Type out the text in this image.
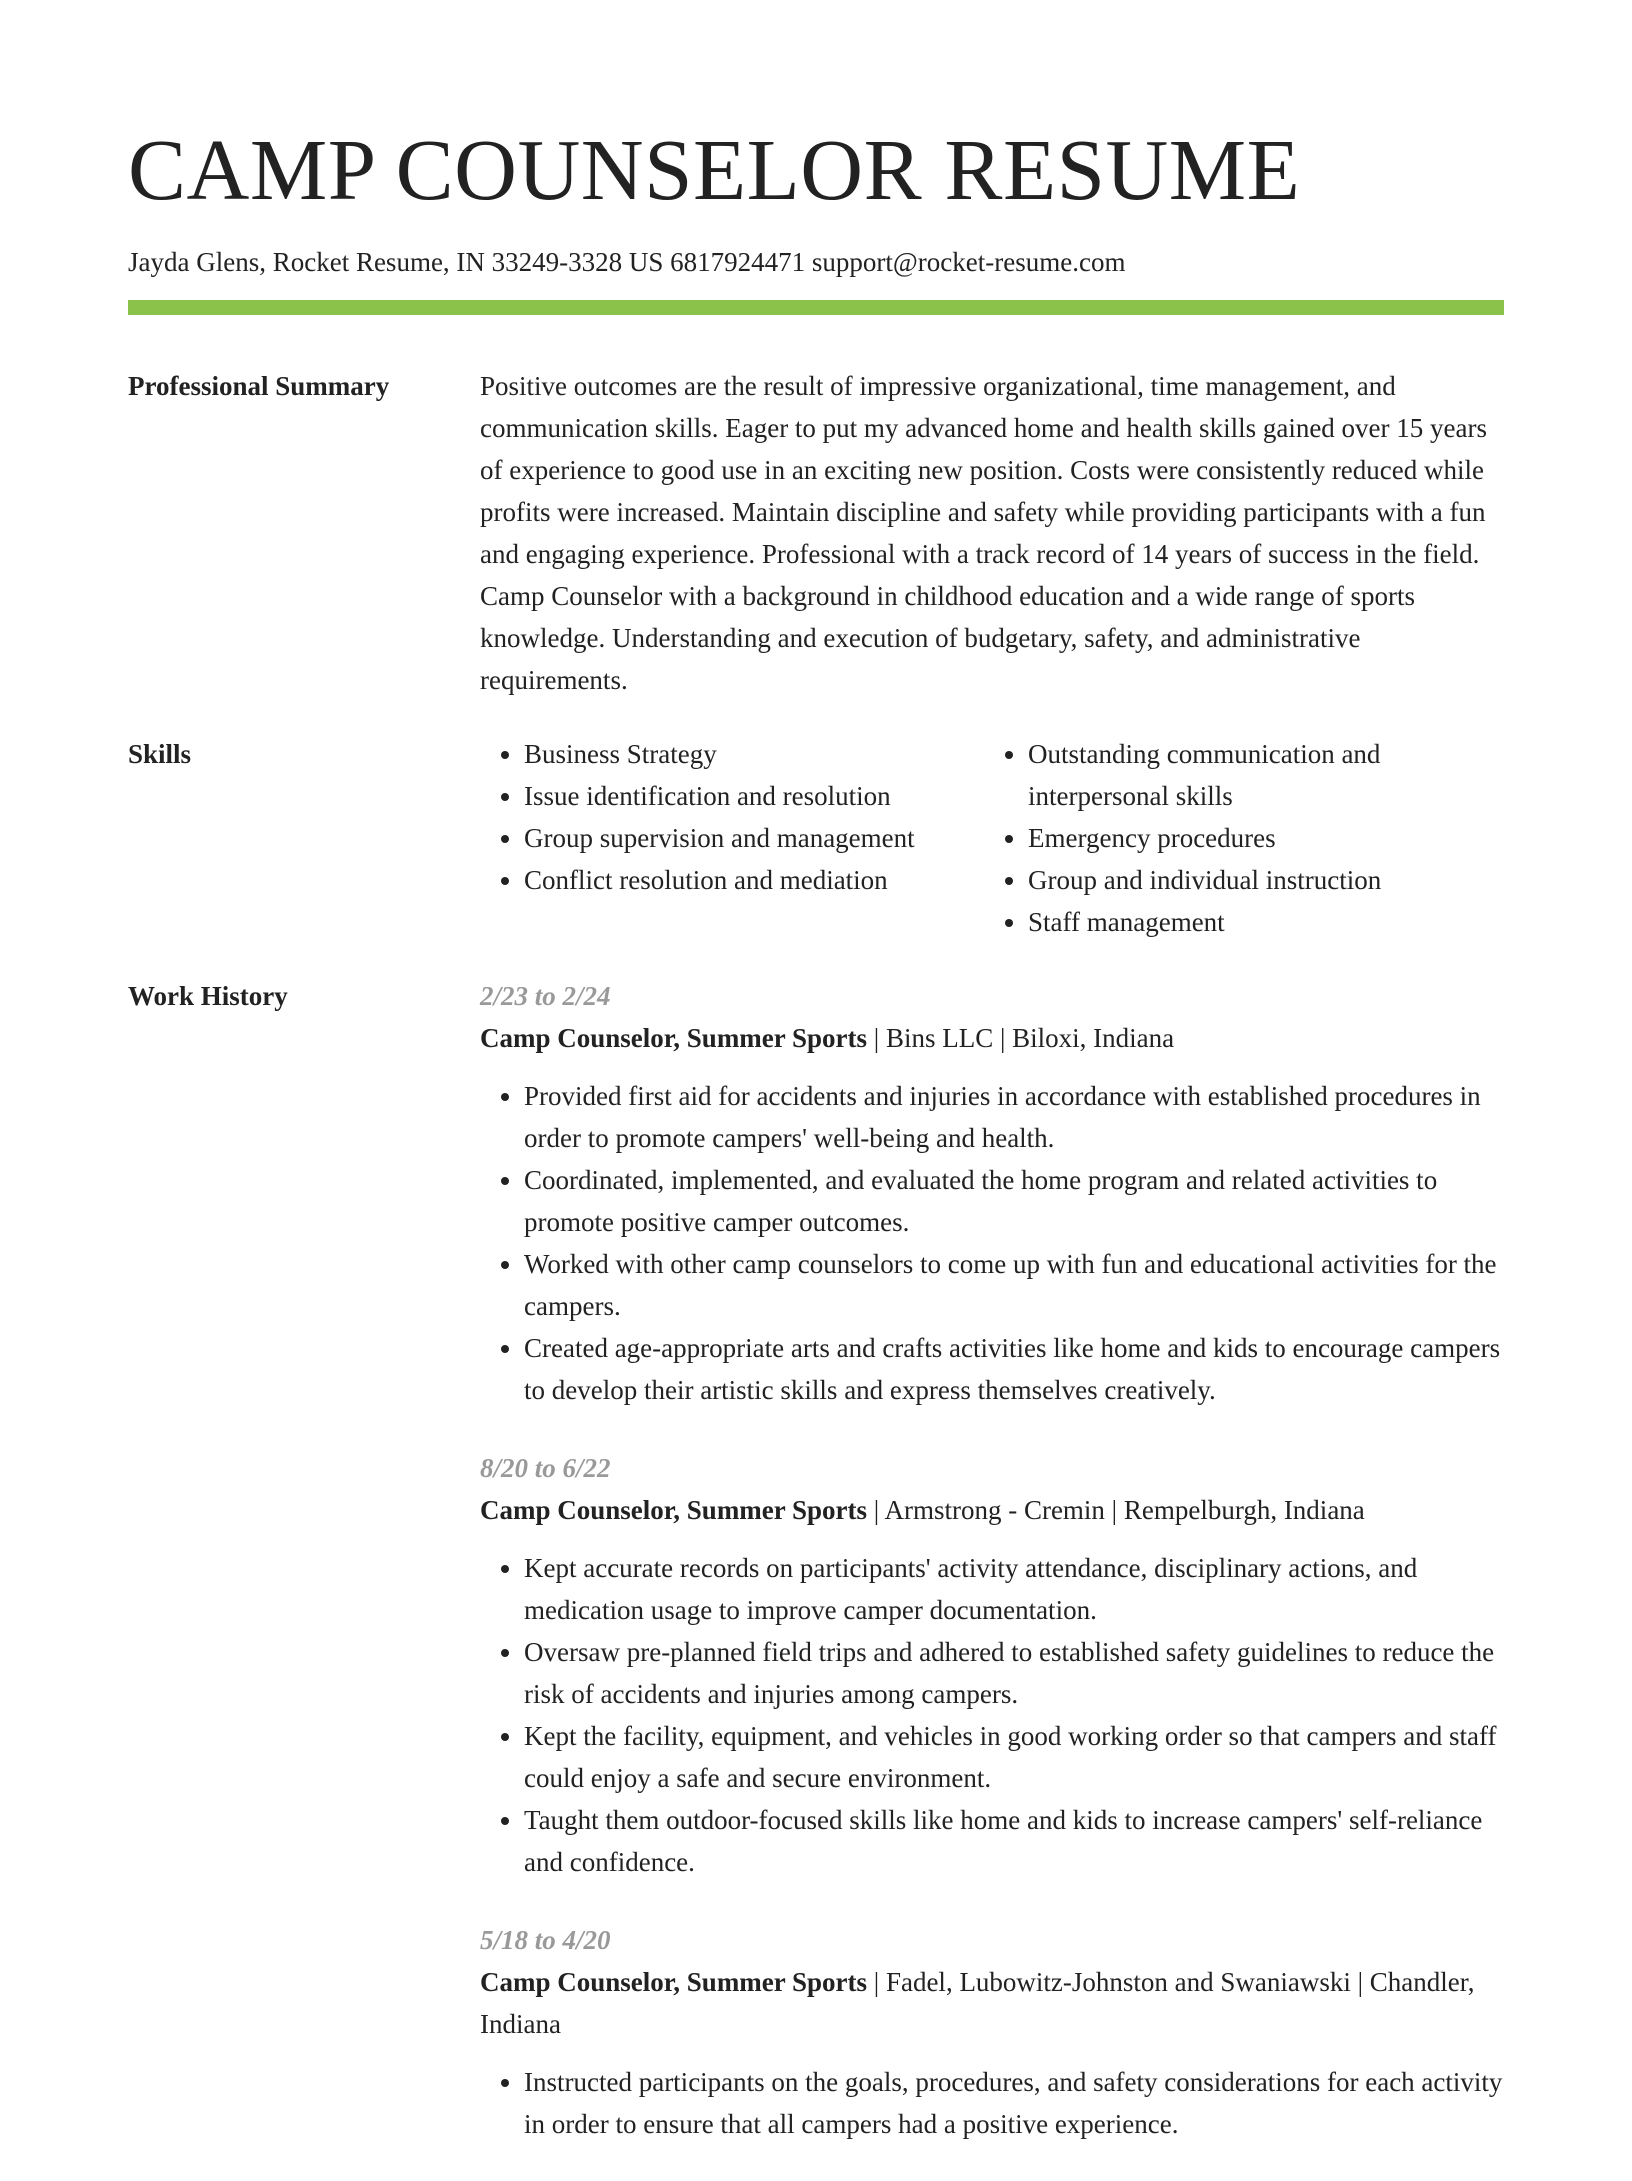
CAMP COUNSELOR RESUME
Jayda Glens, Rocket Resume, IN 33249-3328 US 6817924471 support@rocket-resume.com
Professional Summary	Positive outcomes are the result of impressive organizational, time management, and communication skills. Eager to put my advanced home and health skills gained over 15 years of experience to good use in an exciting new position. Costs were consistently reduced while profits were increased. Maintain discipline and safety while providing participants with a fun and engaging experience. Professional with a track record of 14 years of success in the field. Camp Counselor with a background in childhood education and a wide range of sports knowledge. Understanding and execution of budgetary, safety, and administrative requirements.

Skills
•	Business Strategy
• Issue identification and resolution
• Group supervision and management
• Conflict resolution and mediation
• Outstanding communication and interpersonal skills
• Emergency procedures
• Group and individual instruction
• Staff management
Work History	2/23 to 2/24
Camp Counselor, Summer Sports | Bins LLC | Biloxi, Indiana
• Provided first aid for accidents and injuries in accordance with established procedures in order to promote campers' well-being and health.
• Coordinated, implemented, and evaluated the home program and related activities to promote positive camper outcomes.
• Worked with other camp counselors to come up with fun and educational activities for the campers.
• Created age-appropriate arts and crafts activities like home and kids to encourage campers to develop their artistic skills and express themselves creatively.
8/20 to 6/22
Camp Counselor, Summer Sports | Armstrong - Cremin | Rempelburgh, Indiana
• Kept accurate records on participants' activity attendance, disciplinary actions, and medication usage to improve camper documentation.
• Oversaw pre-planned field trips and adhered to established safety guidelines to reduce the risk of accidents and injuries among campers.
• Kept the facility, equipment, and vehicles in good working order so that campers and staff could enjoy a safe and secure environment.
• Taught them outdoor-focused skills like home and kids to increase campers' self-reliance and confidence.
5/18 to 4/20
Camp Counselor, Summer Sports | Fadel, Lubowitz-Johnston and Swaniawski | Chandler, Indiana
• Instructed participants on the goals, procedures, and safety considerations for each activity in order to ensure that all campers had a positive experience.
